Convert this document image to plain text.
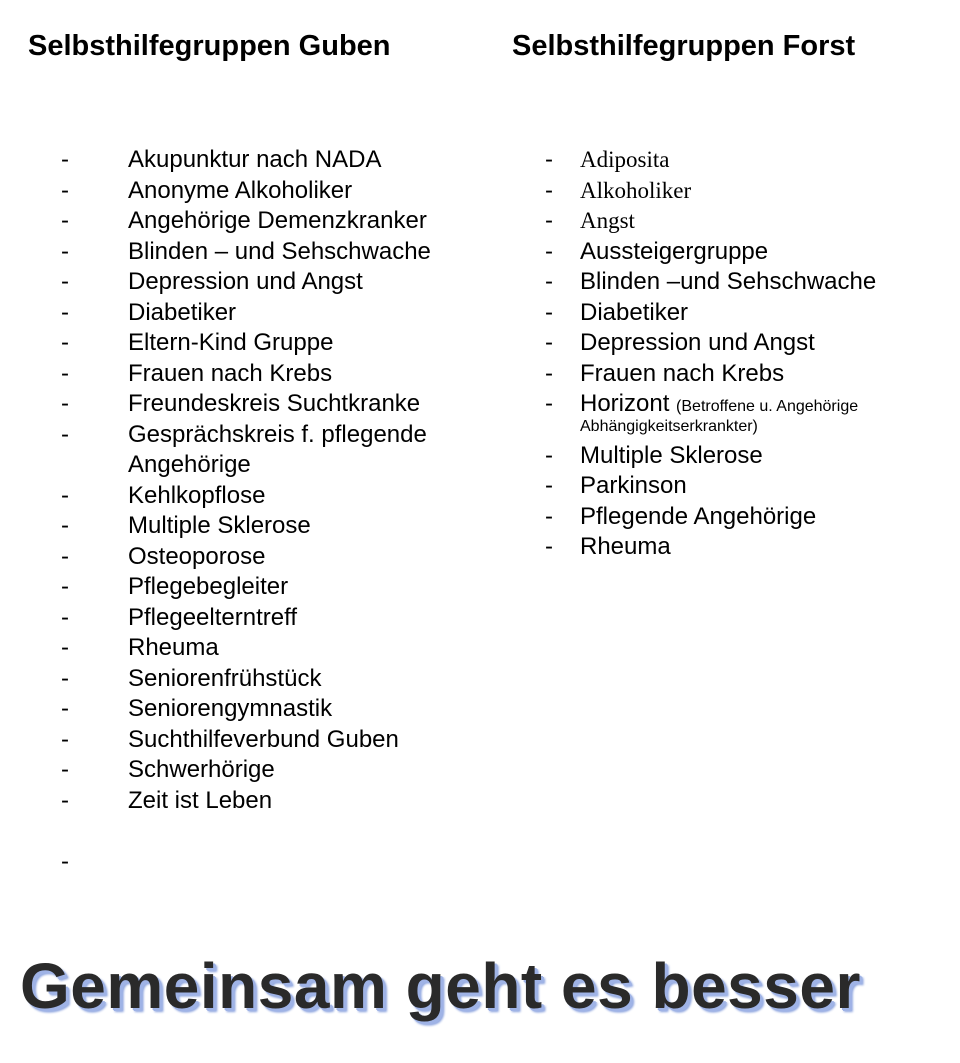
Selbsthilfegruppen Guben	Selbsthilfegruppen Forst
- Akupunktur nach NADA
- Anonyme Alkoholiker
- Angehörige Demenzkranker
- Blinden – und Sehschwache
- Depression und Angst
- Diabetiker
- Eltern-Kind Gruppe
- Frauen nach Krebs
- Freundeskreis Suchtkranke
- Gesprächskreis f. pflegende Angehörige
- Kehlkopflose
- Multiple Sklerose
- Osteoporose
- Pflegebegleiter
- Pflegeelterntreff
- Rheuma
- Seniorenfrühstück
- Seniorengymnastik
- Suchthilfeverbund Guben
- Schwerhörige
- Zeit ist Leben
-
- Adiposita
- Alkoholiker
- Angst
- Aussteigergruppe
- Blinden –und Sehschwache
- Diabetiker
- Depression und Angst
- Frauen nach Krebs
- Horizont (Betroffene u. Angehörige
Abhängigkeitserkrankter)
- Multiple Sklerose
- Parkinson
- Pflegende Angehörige
- Rheuma
Gemeinsam geht es besser
